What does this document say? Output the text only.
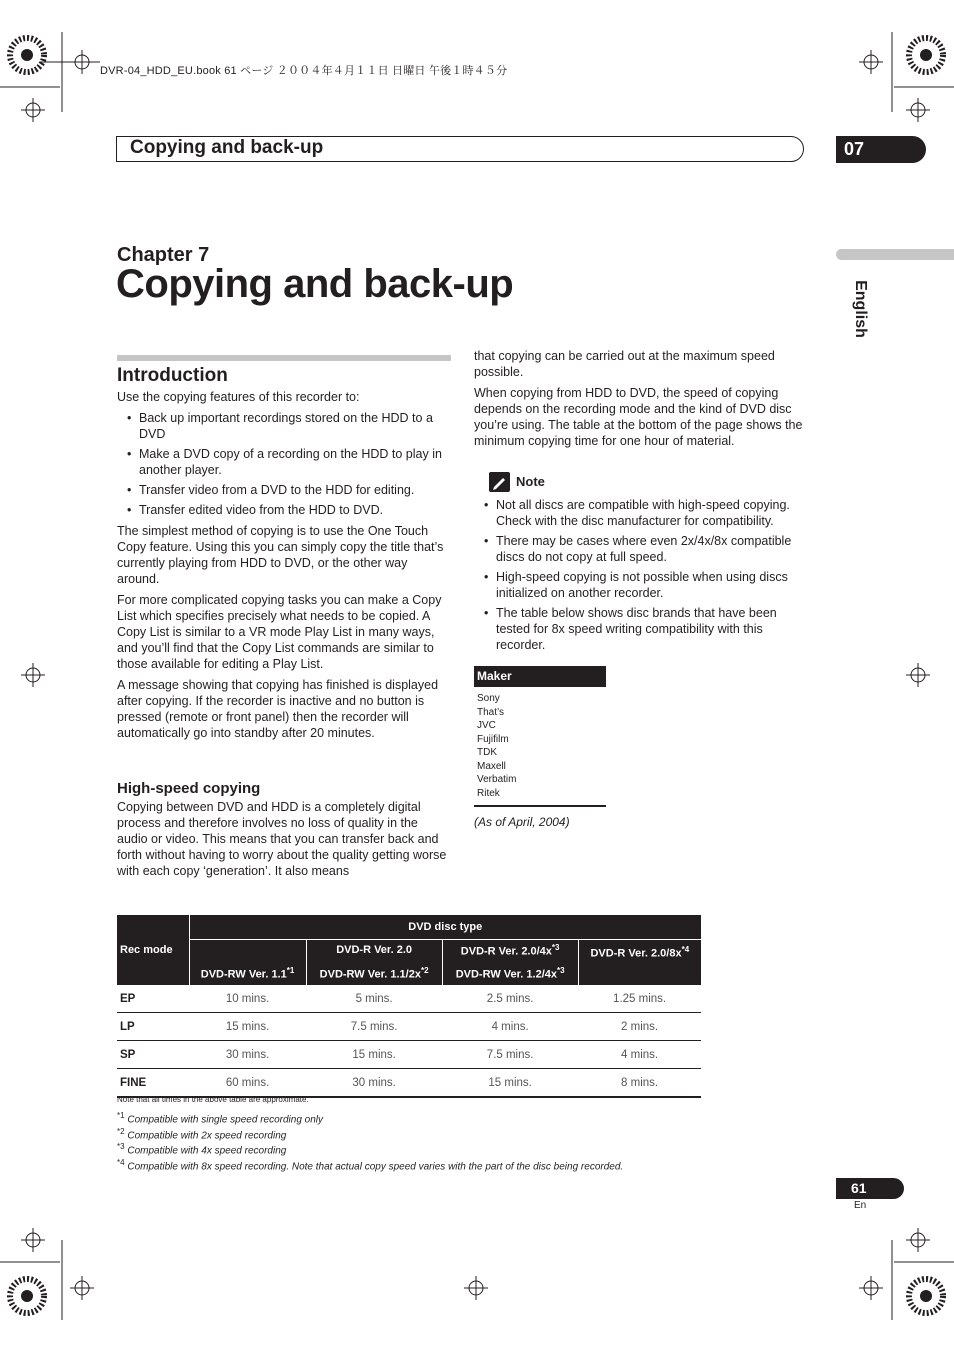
DVR-04_HDD_EU.book 61 ページ ２００４年４月１１日 日曜日 午後１時４５分
Copying and back-up	07
English
Chapter 7
Copying and back-up
Introduction

Use the copying features of this recorder to:

• Back up important recordings stored on the HDD to a DVD
• Make a DVD copy of a recording on the HDD to play in another player.
• Transfer video from a DVD to the HDD for editing.
• Transfer edited video from the HDD to DVD.

The simplest method of copying is to use the One Touch Copy feature. Using this you can simply copy the title that’s currently playing from HDD to DVD, or the other way around.

For more complicated copying tasks you can make a Copy List which specifies precisely what needs to be copied. A Copy List is similar to a VR mode Play List in many ways, and you’ll find that the Copy List commands are similar to those available for editing a Play List.

A message showing that copying has finished is displayed after copying. If the recorder is inactive and no button is pressed (remote or front panel) then the recorder will automatically go into standby after 20 minutes.

High-speed copying

Copying between DVD and HDD is a completely digital process and therefore involves no loss of quality in the audio or video. This means that you can transfer back and forth without having to worry about the quality getting worse with each copy ‘generation’. It also means

that copying can be carried out at the maximum speed possible.

When copying from HDD to DVD, the speed of copying depends on the recording mode and the kind of DVD disc you’re using. The table at the bottom of the page shows the minimum copying time for one hour of material.

Note
• Not all discs are compatible with high-speed copying. Check with the disc manufacturer for compatibility.
• There may be cases where even 2x/4x/8x compatible discs do not copy at full speed.
• High-speed copying is not possible when using discs initialized on another recorder.
• The table below shows disc brands that have been tested for 8x speed writing compatibility with this recorder.
Maker
Sony
That’s
JVC
Fujifilm
TDK
Maxell
Verbatim
Ritek
(As of April, 2004)
Rec mode	DVD disc type			
		DVD-R Ver. 2.0	DVD-R Ver. $2.0/4x^{*3}$	DVD-R Ver. $2.0/8x^{*4}$
	DVD-RW Ver. 1.1$^{*1}$	DVD-RW Ver. $1.1/2x^{*2}$	DVD-RW Ver. $1.2/4x^{*3}$
EP	10 mins.	5 mins.	2.5 mins.	1.25 mins.
LP	15 mins.	7.5 mins.	4 mins.	2 mins.
SP	30 mins.	15 mins.	7.5 mins.	4 mins.
FINE	60 mins.	30 mins.	15 mins.	8 mins.
Note that all times in the above table are approximate.
$^{*1}$ Compatible with single speed recording only
$^{*2}$ Compatible with 2x speed recording
$^{*3}$ Compatible with 4x speed recording
$^{*4}$ Compatible with 8x speed recording. Note that actual copy speed varies with the part of the disc being recorded.
61
En
